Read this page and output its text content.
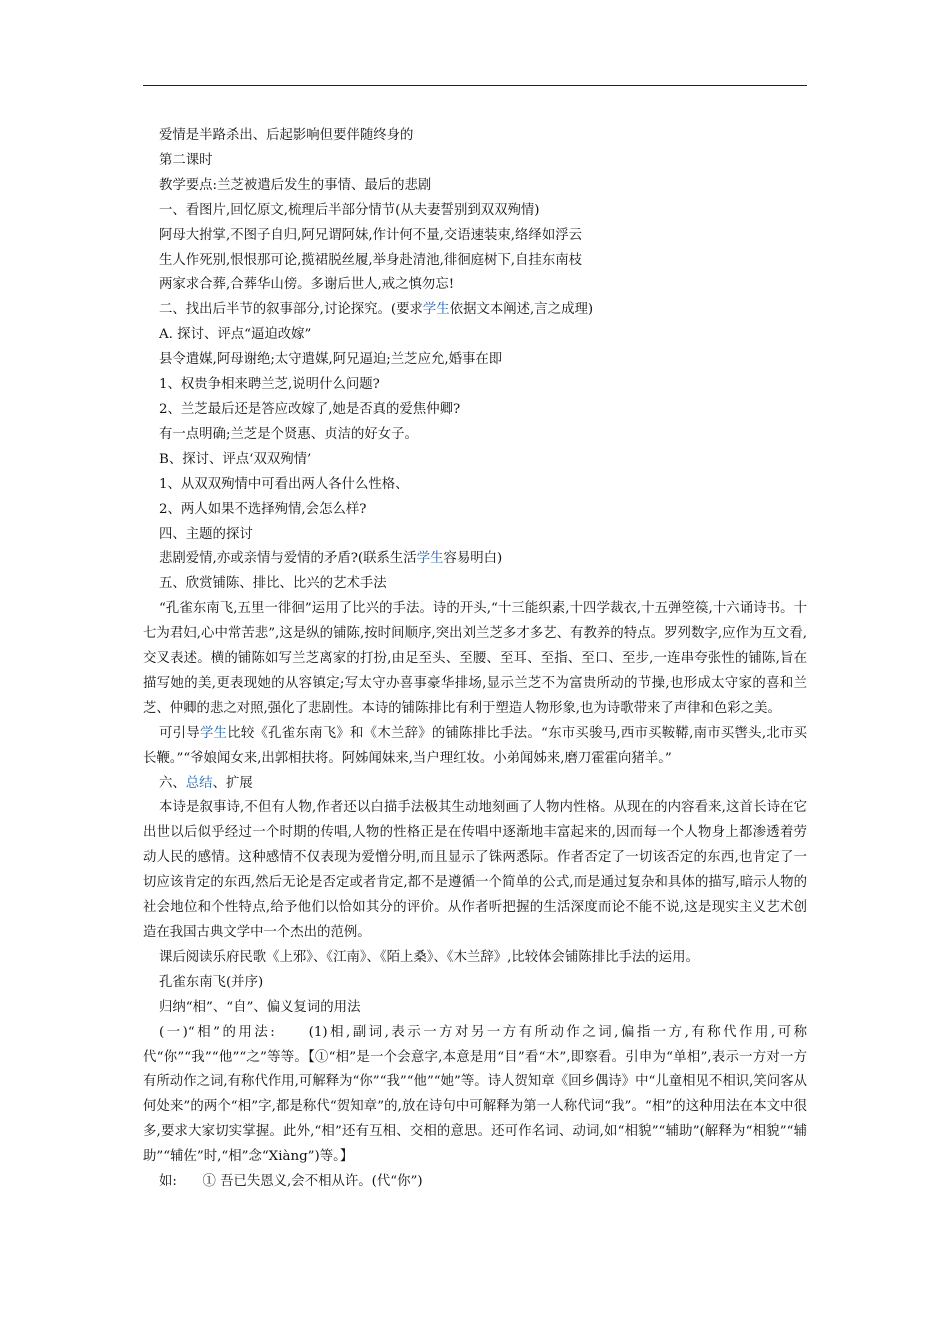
爱情是半路杀出、后起影响但要伴随终身的
第二课时
教学要点:兰芝被遣后发生的事情、最后的悲剧
一、看图片,回忆原文,梳理后半部分情节(从夫妻誓别到双双殉情)
阿母大拊掌,不图子自归,阿兄谓阿妹,作计何不量,交语速装束,络绎如浮云
生人作死别,恨恨那可论,揽裙脱丝履,举身赴清池,徘徊庭树下,自挂东南枝
两家求合葬,合葬华山傍。多谢后世人,戒之慎勿忘!
二、找出后半节的叙事部分,讨论探究。(要求学生依据文本阐述,言之成理)
A. 探讨、评点“逼迫改嫁”
县令遣媒,阿母谢绝;太守遣媒,阿兄逼迫;兰芝应允,婚事在即
1、权贵争相来聘兰芝,说明什么问题?
2、兰芝最后还是答应改嫁了,她是否真的爱焦仲卿?
有一点明确;兰芝是个贤惠、贞洁的好女子。
B、探讨、评点‘双双殉情’
1、从双双殉情中可看出两人各什么性格、
2、两人如果不选择殉情,会怎么样?
四、主题的探讨
悲剧爱情,亦或亲情与爱情的矛盾?(联系生活学生容易明白)
五、欣赏铺陈、排比、比兴的艺术手法
“孔雀东南飞,五里一徘徊”运用了比兴的手法。诗的开头,“十三能织素,十四学裁衣,十五弹箜篌,十六诵诗书。十七为君妇,心中常苦悲”,这是纵的铺陈,按时间顺序,突出刘兰芝多才多艺、有教养的特点。罗列数字,应作为互文看,交叉表述。横的铺陈如写兰芝离家的打扮,由足至头、至腰、至耳、至指、至口、至步,一连串夸张性的铺陈,旨在描写她的美,更表现她的从容镇定;写太守办喜事豪华排场,显示兰芝不为富贵所动的节操,也形成太守家的喜和兰芝、仲卿的悲之对照,强化了悲剧性。本诗的铺陈排比有利于塑造人物形象,也为诗歌带来了声律和色彩之美。
可引导学生比较《孔雀东南飞》和《木兰辞》的铺陈排比手法。“东市买骏马,西市买鞍鞯,南市买辔头,北市买长鞭。”“爷娘闻女来,出郭相扶将。阿姊闻妹来,当户理红妆。小弟闻姊来,磨刀霍霍向猪羊。”
六、总结、扩展
本诗是叙事诗,不但有人物,作者还以白描手法极其生动地刻画了人物内性格。从现在的内容看来,这首长诗在它出世以后似乎经过一个时期的传唱,人物的性格正是在传唱中逐渐地丰富起来的,因而每一个人物身上都渗透着劳动人民的感情。这种感情不仅表现为爱憎分明,而且显示了铢两悉际。作者否定了一切该否定的东西,也肯定了一切应该肯定的东西,然后无论是否定或者肯定,都不是遵循一个简单的公式,而是通过复杂和具体的描写,暗示人物的社会地位和个性特点,给予他们以恰如其分的评价。从作者听把握的生活深度而论不能不说,这是现实主义艺术创造在我国古典文学中一个杰出的范例。
课后阅读乐府民歌《上邪》、《江南》、《陌上桑》、《木兰辞》,比较体会铺陈排比手法的运用。
孔雀东南飞(并序)
归纳“相”、“自”、偏义复词的用法
(一)“相”的用法:     (1)相,副词,表示一方对另一方有所动作之词,偏指一方,有称代作用,可称代“你”“我”“他”“之”等等。【①“相”是一个会意字,本意是用“目”看“木”,即察看。引申为“单相”,表示一方对一方有所动作之词,有称代作用,可解释为“你”“我”“他”“她”等。诗人贺知章《回乡偶诗》中“儿童相见不相识,笑问客从何处来”的两个“相”字,都是称代“贺知章”的,放在诗句中可解释为第一人称代词“我”。“相”的这种用法在本文中很多,要求大家切实掌握。此外,“相”还有互相、交相的意思。还可作名词、动词,如“相貌”“辅助”(解释为“相貌”“辅助”“辅佐”时,“相”念“Xiàng”)等。】
如:      ① 吾已失恩义,会不相从许。(代“你”)
